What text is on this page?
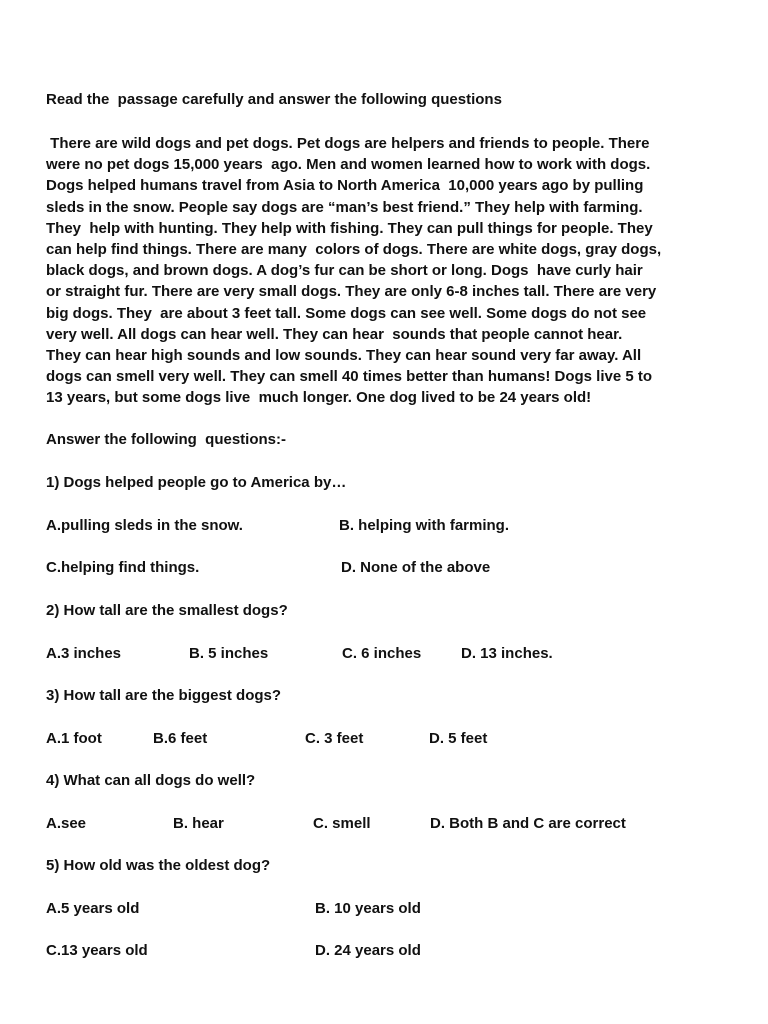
Read the  passage carefully and answer the following questions

There are wild dogs and pet dogs. Pet dogs are helpers and friends to people. There
were no pet dogs 15,000 years  ago. Men and women learned how to work with dogs.
Dogs helped humans travel from Asia to North America  10,000 years ago by pulling
sleds in the snow. People say dogs are “man’s best friend.” They help with farming.
They  help with hunting. They help with fishing. They can pull things for people. They
can help find things. There are many  colors of dogs. There are white dogs, gray dogs,
black dogs, and brown dogs. A dog’s fur can be short or long. Dogs  have curly hair
or straight fur. There are very small dogs. They are only 6-8 inches tall. There are very
big dogs. They  are about 3 feet tall. Some dogs can see well. Some dogs do not see
very well. All dogs can hear well. They can hear  sounds that people cannot hear.
They can hear high sounds and low sounds. They can hear sound very far away. All
dogs can smell very well. They can smell 40 times better than humans! Dogs live 5 to
13 years, but some dogs live  much longer. One dog lived to be 24 years old!

Answer the following  questions:-

1) Dogs helped people go to America by…

A.pulling sleds in the snow.	B. helping with farming.
C.helping find things.	D. None of the above

2) How tall are the smallest dogs?

A.3 inches	B. 5 inches	C. 6 inches	D. 13 inches.

3) How tall are the biggest dogs?

A.1 foot	B.6 feet	C. 3 feet	D. 5 feet

4) What can all dogs do well?

A.see	B. hear	C. smell	D. Both B and C are correct

5) How old was the oldest dog?

A.5 years old	B. 10 years old
C.13 years old	D. 24 years old
